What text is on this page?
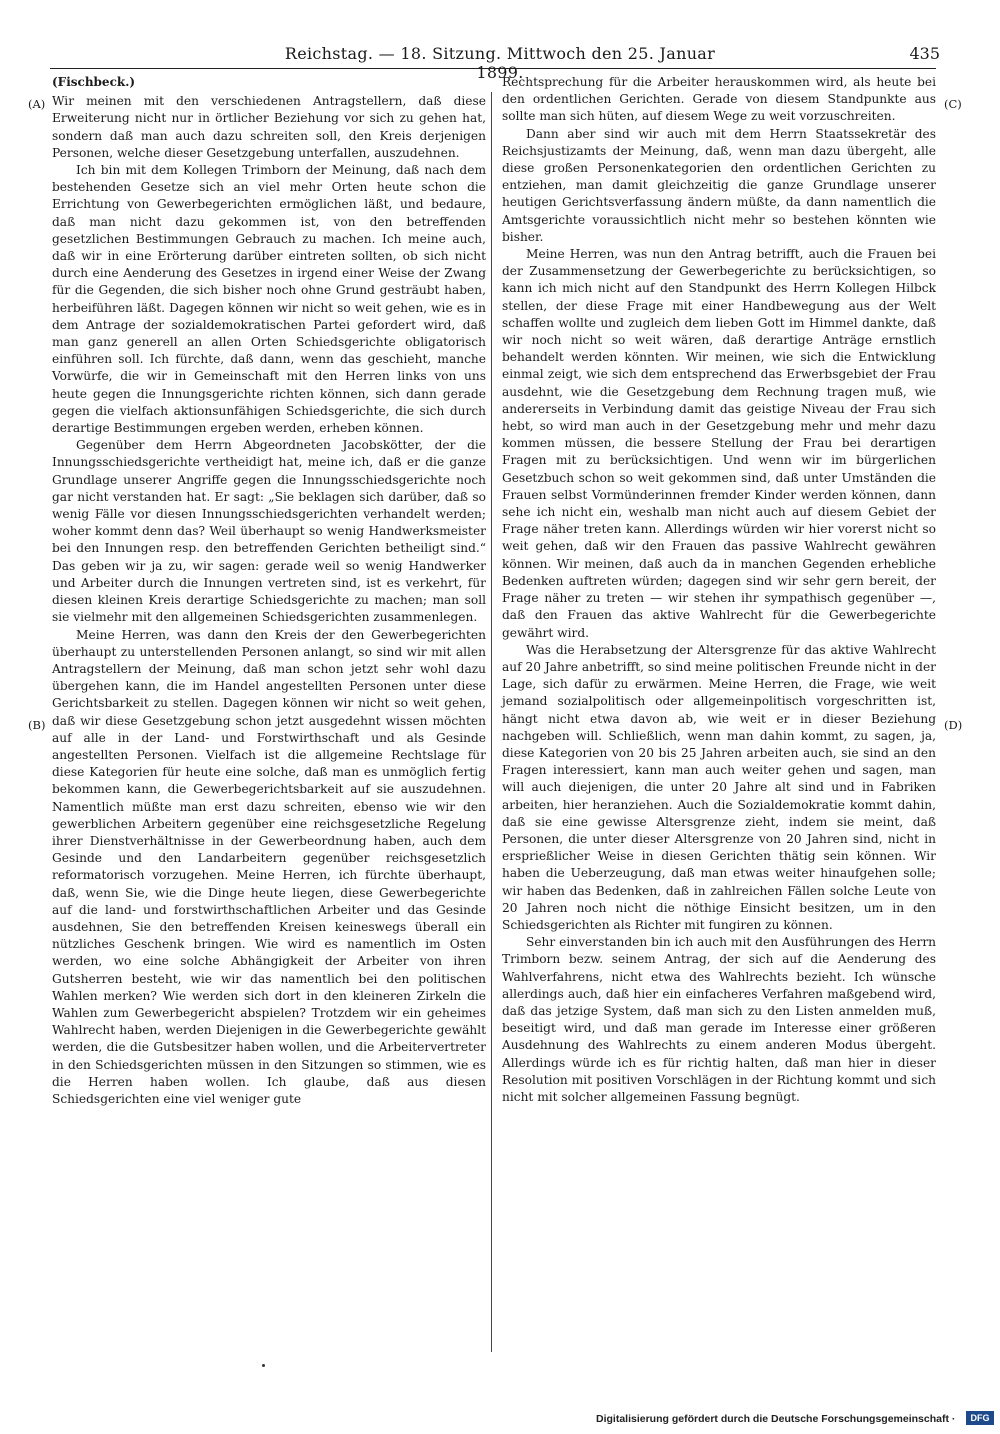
Reichstag. — 18. Sitzung. Mittwoch den 25. Januar 1899.
435
(A)
(B)
(C)
(D)
(Fischbeck.)

Wir meinen mit den verschiedenen Antragstellern, daß diese Erweiterung nicht nur in örtlicher Beziehung vor sich zu gehen hat, sondern daß man auch dazu schreiten soll, den Kreis derjenigen Personen, welche dieser Gesetzgebung unterfallen, auszudehnen.

Ich bin mit dem Kollegen Trimborn der Meinung, daß nach dem bestehenden Gesetze sich an viel mehr Orten heute schon die Errichtung von Gewerbegerichten ermöglichen läßt, und bedaure, daß man nicht dazu gekommen ist, von den betreffenden gesetzlichen Bestimmungen Gebrauch zu machen. Ich meine auch, daß wir in eine Erörterung darüber eintreten sollten, ob sich nicht durch eine Aenderung des Gesetzes in irgend einer Weise der Zwang für die Gegenden, die sich bisher noch ohne Grund gesträubt haben, herbeiführen läßt. Dagegen können wir nicht so weit gehen, wie es in dem Antrage der sozialdemokratischen Partei gefordert wird, daß man ganz generell an allen Orten Schiedsgerichte obligatorisch einführen soll. Ich fürchte, daß dann, wenn das geschieht, manche Vorwürfe, die wir in Gemeinschaft mit den Herren links von uns heute gegen die Innungsgerichte richten können, sich dann gerade gegen die vielfach aktionsunfähigen Schiedsgerichte, die sich durch derartige Bestimmungen ergeben werden, erheben können.

Gegenüber dem Herrn Abgeordneten Jacobskötter, der die Innungsschiedsgerichte vertheidigt hat, meine ich, daß er die ganze Grundlage unserer Angriffe gegen die Innungsschiedsgerichte noch gar nicht verstanden hat. Er sagt: „Sie beklagen sich darüber, daß so wenig Fälle vor diesen Innungsschiedsgerichten verhandelt werden; woher kommt denn das? Weil überhaupt so wenig Handwerksmeister bei den Innungen resp. den betreffenden Gerichten betheiligt sind.“ Das geben wir ja zu, wir sagen: gerade weil so wenig Handwerker und Arbeiter durch die Innungen vertreten sind, ist es verkehrt, für diesen kleinen Kreis derartige Schiedsgerichte zu machen; man soll sie vielmehr mit den allgemeinen Schiedsgerichten zusammenlegen.

Meine Herren, was dann den Kreis der den Gewerbegerichten überhaupt zu unterstellenden Personen anlangt, so sind wir mit allen Antragstellern der Meinung, daß man schon jetzt sehr wohl dazu übergehen kann, die im Handel angestellten Personen unter diese Gerichtsbarkeit zu stellen. Dagegen können wir nicht so weit gehen, daß wir diese Gesetzgebung schon jetzt ausgedehnt wissen möchten auf alle in der Land- und Forstwirthschaft und als Gesinde angestellten Personen. Vielfach ist die allgemeine Rechtslage für diese Kategorien für heute eine solche, daß man es unmöglich fertig bekommen kann, die Gewerbegerichtsbarkeit auf sie auszudehnen. Namentlich müßte man erst dazu schreiten, ebenso wie wir den gewerblichen Arbeitern gegenüber eine reichsgesetzliche Regelung ihrer Dienstverhältnisse in der Gewerbeordnung haben, auch dem Gesinde und den Landarbeitern gegenüber reichsgesetzlich reformatorisch vorzugehen. Meine Herren, ich fürchte überhaupt, daß, wenn Sie, wie die Dinge heute liegen, diese Gewerbegerichte auf die land- und forstwirthschaftlichen Arbeiter und das Gesinde ausdehnen, Sie den betreffenden Kreisen keineswegs überall ein nützliches Geschenk bringen. Wie wird es namentlich im Osten werden, wo eine solche Abhängigkeit der Arbeiter von ihren Gutsherren besteht, wie wir das namentlich bei den politischen Wahlen merken? Wie werden sich dort in den kleineren Zirkeln die Wahlen zum Gewerbegericht abspielen? Trotzdem wir ein geheimes Wahlrecht haben, werden Diejenigen in die Gewerbegerichte gewählt werden, die die Gutsbesitzer haben wollen, und die Arbeitervertreter in den Schiedsgerichten müssen in den Sitzungen so stimmen, wie es die Herren haben wollen. Ich glaube, daß aus diesen Schiedsgerichten eine viel weniger gute

Rechtsprechung für die Arbeiter herauskommen wird, als heute bei den ordentlichen Gerichten. Gerade von diesem Standpunkte aus sollte man sich hüten, auf diesem Wege zu weit vorzuschreiten.

Dann aber sind wir auch mit dem Herrn Staatssekretär des Reichsjustizamts der Meinung, daß, wenn man dazu übergeht, alle diese großen Personenkategorien den ordentlichen Gerichten zu entziehen, man damit gleichzeitig die ganze Grundlage unserer heutigen Gerichtsverfassung ändern müßte, da dann namentlich die Amtsgerichte voraussichtlich nicht mehr so bestehen könnten wie bisher.

Meine Herren, was nun den Antrag betrifft, auch die Frauen bei der Zusammensetzung der Gewerbegerichte zu berücksichtigen, so kann ich mich nicht auf den Standpunkt des Herrn Kollegen Hilbck stellen, der diese Frage mit einer Handbewegung aus der Welt schaffen wollte und zugleich dem lieben Gott im Himmel dankte, daß wir noch nicht so weit wären, daß derartige Anträge ernstlich behandelt werden könnten. Wir meinen, wie sich die Entwicklung einmal zeigt, wie sich dem entsprechend das Erwerbsgebiet der Frau ausdehnt, wie die Gesetzgebung dem Rechnung tragen muß, wie andererseits in Verbindung damit das geistige Niveau der Frau sich hebt, so wird man auch in der Gesetzgebung mehr und mehr dazu kommen müssen, die bessere Stellung der Frau bei derartigen Fragen mit zu berücksichtigen. Und wenn wir im bürgerlichen Gesetzbuch schon so weit gekommen sind, daß unter Umständen die Frauen selbst Vormünderinnen fremder Kinder werden können, dann sehe ich nicht ein, weshalb man nicht auch auf diesem Gebiet der Frage näher treten kann. Allerdings würden wir hier vorerst nicht so weit gehen, daß wir den Frauen das passive Wahlrecht gewähren können. Wir meinen, daß auch da in manchen Gegenden erhebliche Bedenken auftreten würden; dagegen sind wir sehr gern bereit, der Frage näher zu treten — wir stehen ihr sympathisch gegenüber —, daß den Frauen das aktive Wahlrecht für die Gewerbegerichte gewährt wird.

Was die Herabsetzung der Altersgrenze für das aktive Wahlrecht auf 20 Jahre anbetrifft, so sind meine politischen Freunde nicht in der Lage, sich dafür zu erwärmen. Meine Herren, die Frage, wie weit jemand sozialpolitisch oder allgemeinpolitisch vorgeschritten ist, hängt nicht etwa davon ab, wie weit er in dieser Beziehung nachgeben will. Schließlich, wenn man dahin kommt, zu sagen, ja, diese Kategorien von 20 bis 25 Jahren arbeiten auch, sie sind an den Fragen interessiert, kann man auch weiter gehen und sagen, man will auch diejenigen, die unter 20 Jahre alt sind und in Fabriken arbeiten, hier heranziehen. Auch die Sozialdemokratie kommt dahin, daß sie eine gewisse Altersgrenze zieht, indem sie meint, daß Personen, die unter dieser Altersgrenze von 20 Jahren sind, nicht in ersprießlicher Weise in diesen Gerichten thätig sein können. Wir haben die Ueberzeugung, daß man etwas weiter hinaufgehen solle; wir haben das Bedenken, daß in zahlreichen Fällen solche Leute von 20 Jahren noch nicht die nöthige Einsicht besitzen, um in den Schiedsgerichten als Richter mit fungiren zu können.

Sehr einverstanden bin ich auch mit den Ausführungen des Herrn Trimborn bezw. seinem Antrag, der sich auf die Aenderung des Wahlverfahrens, nicht etwa des Wahlrechts bezieht. Ich wünsche allerdings auch, daß hier ein einfacheres Verfahren maßgebend wird, daß das jetzige System, daß man sich zu den Listen anmelden muß, beseitigt wird, und daß man gerade im Interesse einer größeren Ausdehnung des Wahlrechts zu einem anderen Modus übergeht. Allerdings würde ich es für richtig halten, daß man hier in dieser Resolution mit positiven Vorschlägen in der Richtung kommt und sich nicht mit solcher allgemeinen Fassung begnügt.

Digitalisierung gefördert durch die Deutsche Forschungsgemeinschaft ·	DFG
